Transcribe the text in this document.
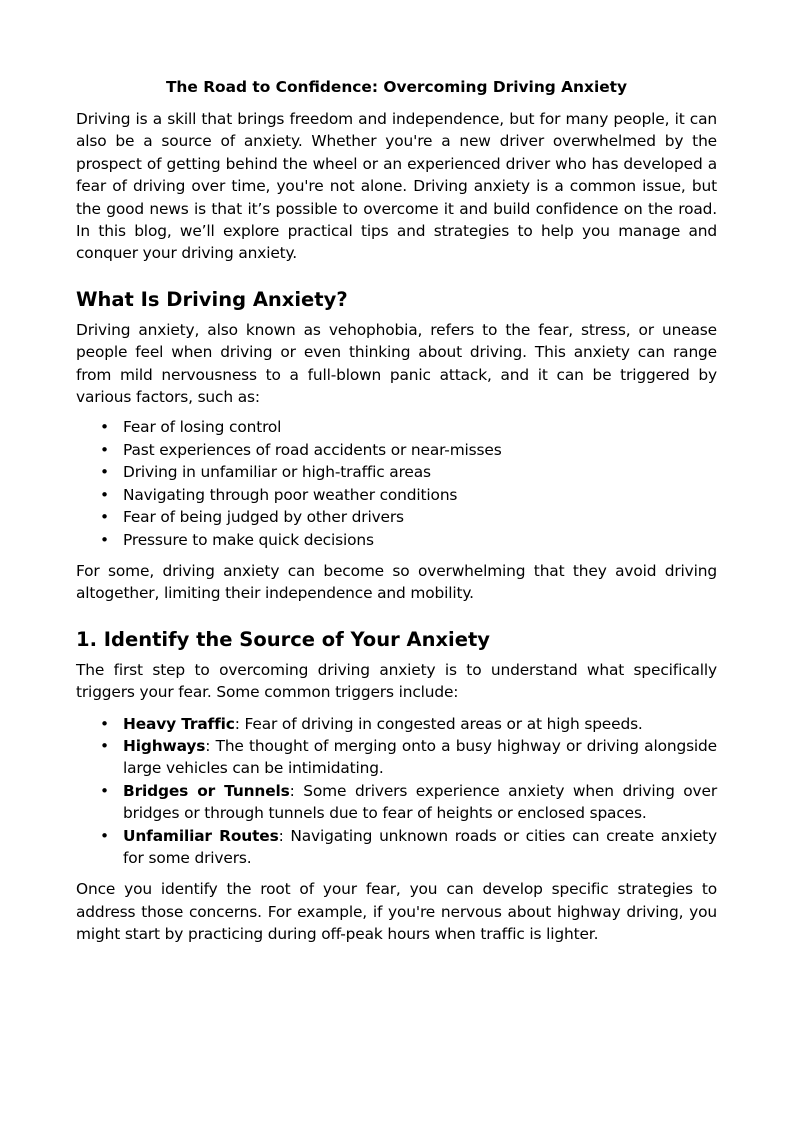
The Road to Confidence: Overcoming Driving Anxiety

Driving is a skill that brings freedom and independence, but for many people, it can also be a source of anxiety. Whether you're a new driver overwhelmed by the prospect of getting behind the wheel or an experienced driver who has developed a fear of driving over time, you're not alone. Driving anxiety is a common issue, but the good news is that it’s possible to overcome it and build confidence on the road. In this blog, we’ll explore practical tips and strategies to help you manage and conquer your driving anxiety.

What Is Driving Anxiety?

Driving anxiety, also known as vehophobia, refers to the fear, stress, or unease people feel when driving or even thinking about driving. This anxiety can range from mild nervousness to a full-blown panic attack, and it can be triggered by various factors, such as:

• Fear of losing control
• Past experiences of road accidents or near-misses
• Driving in unfamiliar or high-traffic areas
• Navigating through poor weather conditions
• Fear of being judged by other drivers
• Pressure to make quick decisions

For some, driving anxiety can become so overwhelming that they avoid driving altogether, limiting their independence and mobility.

1. Identify the Source of Your Anxiety

The first step to overcoming driving anxiety is to understand what specifically triggers your fear. Some common triggers include:

• Heavy Traffic: Fear of driving in congested areas or at high speeds.
• Highways: The thought of merging onto a busy highway or driving alongside large vehicles can be intimidating.
• Bridges or Tunnels: Some drivers experience anxiety when driving over bridges or through tunnels due to fear of heights or enclosed spaces.
• Unfamiliar Routes: Navigating unknown roads or cities can create anxiety for some drivers.

Once you identify the root of your fear, you can develop specific strategies to address those concerns. For example, if you're nervous about highway driving, you might start by practicing during off-peak hours when traffic is lighter.
